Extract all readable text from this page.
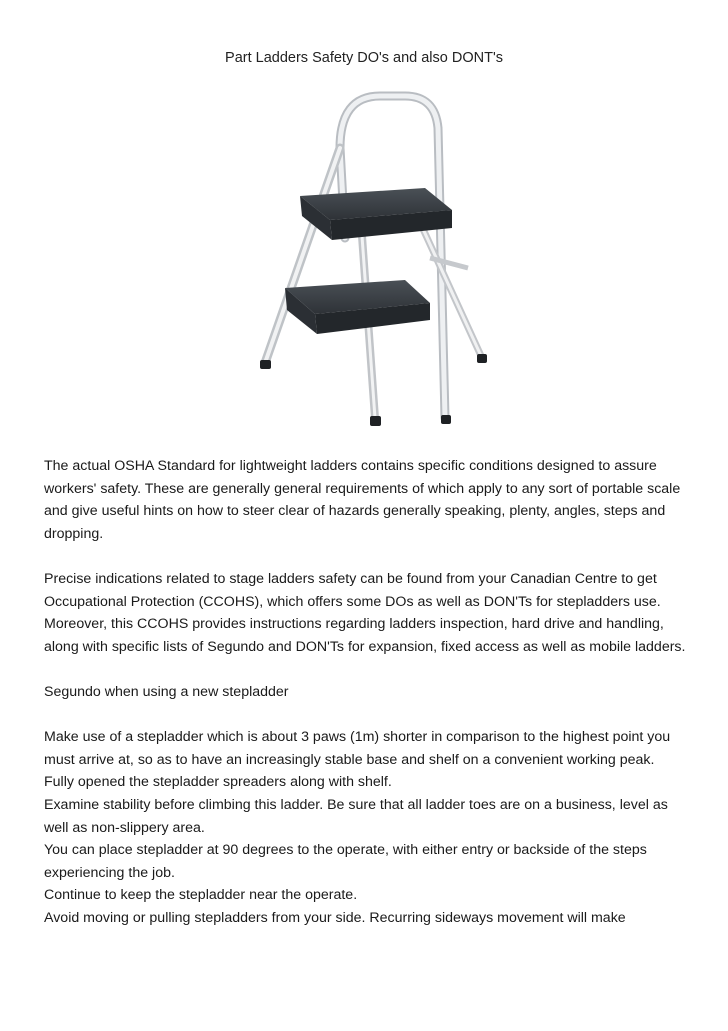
Part Ladders Safety DO's and also DONT's

The actual OSHA Standard for lightweight ladders contains specific conditions designed to assure workers' safety. These are generally general requirements of which apply to any sort of portable scale and give useful hints on how to steer clear of hazards generally speaking, plenty, angles, steps and dropping.

Precise indications related to stage ladders safety can be found from your Canadian Centre to get Occupational Protection (CCOHS), which offers some DOs as well as DON'Ts for stepladders use. Moreover, this CCOHS provides instructions regarding ladders inspection, hard drive and handling, along with specific lists of Segundo and DON'Ts for expansion, fixed access as well as mobile ladders.

Segundo when using a new stepladder

Make use of a stepladder which is about 3 paws (1m) shorter in comparison to the highest point you must arrive at, so as to have an increasingly stable base and shelf on a convenient working peak.

Fully opened the stepladder spreaders along with shelf.

Examine stability before climbing this ladder. Be sure that all ladder toes are on a business, level as well as non-slippery area.

You can place stepladder at 90 degrees to the operate, with either entry or backside of the steps experiencing the job.

Continue to keep the stepladder near the operate.

Avoid moving or pulling stepladders from your side. Recurring sideways movement will make
